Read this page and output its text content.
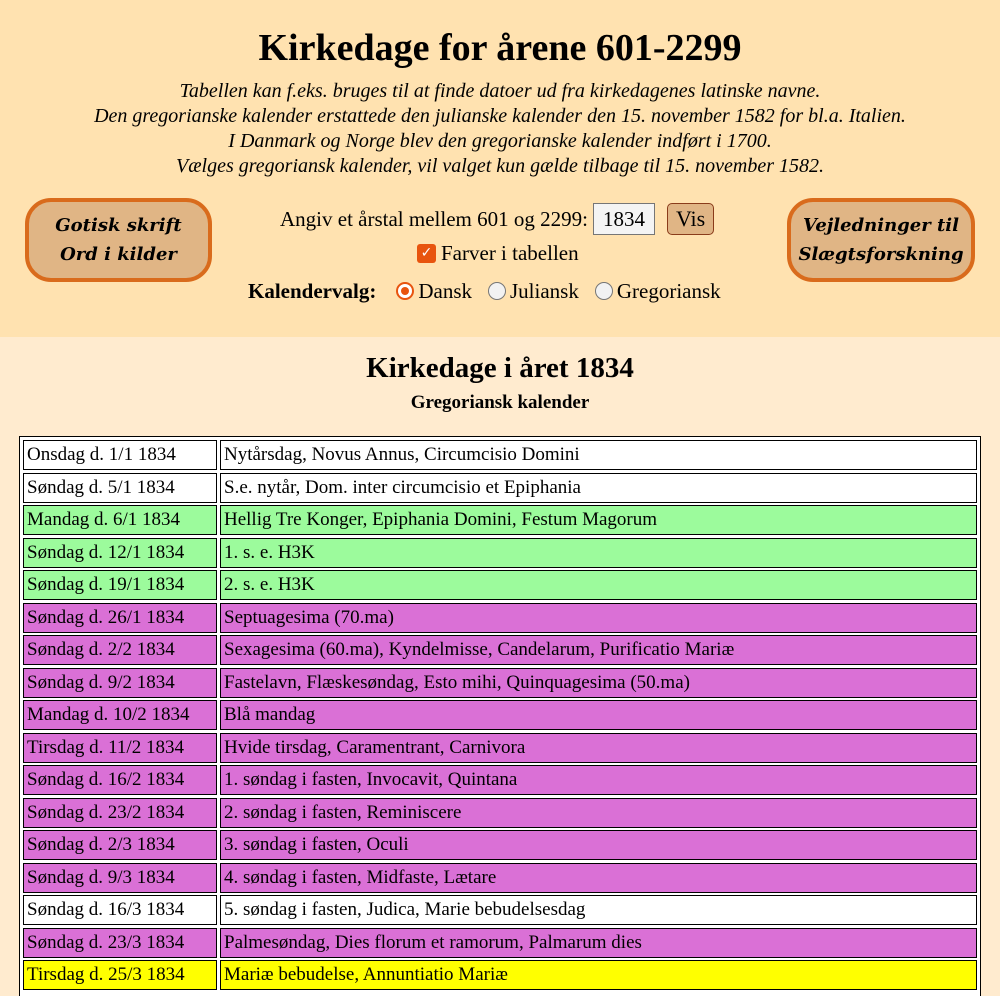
Kirkedage for årene 601-2299
Tabellen kan f.eks. bruges til at finde datoer ud fra kirkedagenes latinske navne.
Den gregorianske kalender erstattede den julianske kalender den 15. november 1582 for bl.a. Italien.
I Danmark og Norge blev den gregorianske kalender indført i 1700.
Vælges gregoriansk kalender, vil valget kun gælde tilbage til 15. november 1582.
Gotisk skrift
Ord i kilder
Angiv et årstal mellem 601 og 2299:
1834	Vis
✓ Farver i tabellen
Kalendervalg: Dansk Juliansk Gregoriansk
Vejledninger til
Slægtsforskning
Kirkedage i året 1834
Gregoriansk kalender
Onsdag d. 1/1 1834	Nytårsdag, Novus Annus, Circumcisio Domini
Søndag d. 5/1 1834	S.e. nytår, Dom. inter circumcisio et Epiphania
Mandag d. 6/1 1834	Hellig Tre Konger, Epiphania Domini, Festum Magorum
Søndag d. 12/1 1834	1. s. e. H3K
Søndag d. 19/1 1834	2. s. e. H3K
Søndag d. 26/1 1834	Septuagesima (70.ma)
Søndag d. 2/2 1834	Sexagesima (60.ma), Kyndelmisse, Candelarum, Purificatio Mariæ
Søndag d. 9/2 1834	Fastelavn, Flæskesøndag, Esto mihi, Quinquagesima (50.ma)
Mandag d. 10/2 1834	Blå mandag
Tirsdag d. 11/2 1834	Hvide tirsdag, Caramentrant, Carnivora
Søndag d. 16/2 1834	1. søndag i fasten, Invocavit, Quintana
Søndag d. 23/2 1834	2. søndag i fasten, Reminiscere
Søndag d. 2/3 1834	3. søndag i fasten, Oculi
Søndag d. 9/3 1834	4. søndag i fasten, Midfaste, Lætare
Søndag d. 16/3 1834	5. søndag i fasten, Judica, Marie bebudelsesdag
Søndag d. 23/3 1834	Palmesøndag, Dies florum et ramorum, Palmarum dies
Tirsdag d. 25/3 1834	Mariæ bebudelse, Annuntiatio Mariæ
